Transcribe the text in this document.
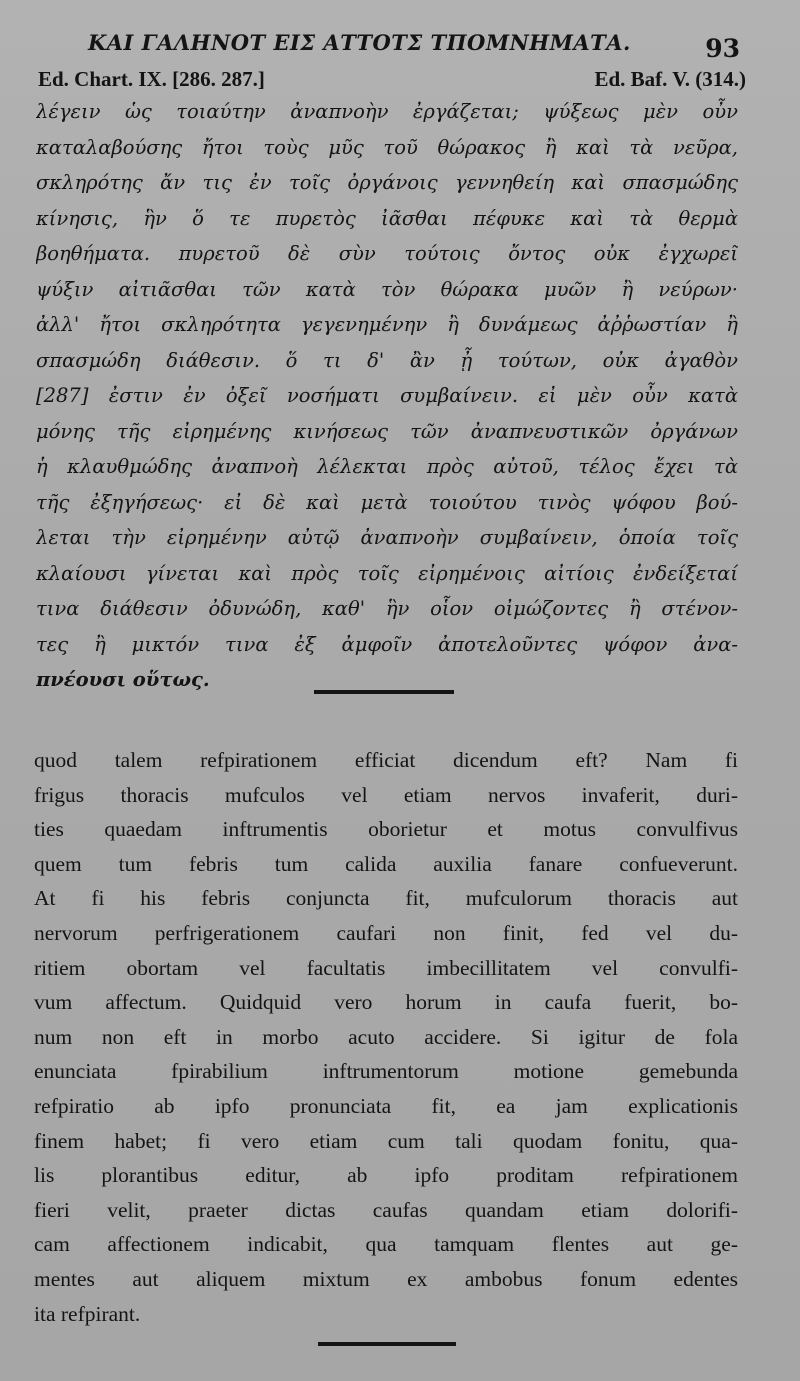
ΚΑΙ ΓΑΛΗΝΟΤ ΕΙΣ ΑΤΤΟΤΣ ΤΠΟΜΝΗΜΑΤΑ.	93
Ed. Chart. IX. [286. 287.]	Ed. Baf. V. (314.)
λέγειν ὡς τοιαύτην ἀναπνοὴν ἐργάζεται; ψύξεως μὲν οὖν
καταλαβούσης ἤτοι τοὺς μῦς τοῦ θώρακος ἢ καὶ τὰ νεῦρα,
σκληρότης ἄν τις ἐν τοῖς ὀργάνοις γεννηθείη καὶ σπασμώδης
κίνησις, ἣν ὅ τε πυρετὸς ἰᾶσθαι πέφυκε καὶ τὰ θερμὰ
βοηθήματα. πυρετοῦ δὲ σὺν τούτοις ὄντος οὐκ ἐγχωρεῖ
ψύξιν αἰτιᾶσθαι τῶν κατὰ τὸν θώρακα μυῶν ἢ νεύρων·
ἀλλ' ἤτοι σκληρότητα γεγενημένην ἢ δυνάμεως ἀῤῥωστίαν ἢ
σπασμώδη διάθεσιν. ὅ τι δ' ἂν ᾖ τούτων, οὐκ ἀγαθὸν
[287] ἐστιν ἐν ὀξεῖ νοσήματι συμβαίνειν. εἰ μὲν οὖν κατὰ
μόνης τῆς εἰρημένης κινήσεως τῶν ἀναπνευστικῶν ὀργάνων
ἡ κλαυθμώδης ἀναπνοὴ λέλεκται πρὸς αὐτοῦ, τέλος ἔχει τὰ
τῆς ἐξηγήσεως· εἰ δὲ καὶ μετὰ τοιούτου τινὸς ψόφου βού-
λεται τὴν εἰρημένην αὐτῷ ἀναπνοὴν συμβαίνειν, ὁποία τοῖς
κλαίουσι γίνεται καὶ πρὸς τοῖς εἰρημένοις αἰτίοις ἐνδείξεταί
τινα διάθεσιν ὀδυνώδη, καθ' ἣν οἷον οἰμώζοντες ἢ στένον-
τες ἢ μικτόν τινα ἐξ ἀμφοῖν ἀποτελοῦντες ψόφον ἀνα-
πνέουσι οὕτως.
quod talem refpirationem efficiat dicendum eft? Nam fi
frigus thoracis mufculos vel etiam nervos invaferit, duri-
ties quaedam inftrumentis oborietur et motus convulfivus
quem tum febris tum calida auxilia fanare confueverunt.
At fi his febris conjuncta fit, mufculorum thoracis aut
nervorum perfrigerationem caufari non finit, fed vel du-
ritiem obortam vel facultatis imbecillitatem vel convulfi-
vum affectum. Quidquid vero horum in caufa fuerit, bo-
num non eft in morbo acuto accidere. Si igitur de fola
enunciata fpirabilium inftrumentorum motione gemebunda
refpiratio ab ipfo pronunciata fit, ea jam explicationis
finem habet; fi vero etiam cum tali quodam fonitu, qua-
lis plorantibus editur, ab ipfo proditam refpirationem
fieri velit, praeter dictas caufas quandam etiam dolorifi-
cam affectionem indicabit, qua tamquam flentes aut ge-
mentes aut aliquem mixtum ex ambobus fonum edentes
ita refpirant.
